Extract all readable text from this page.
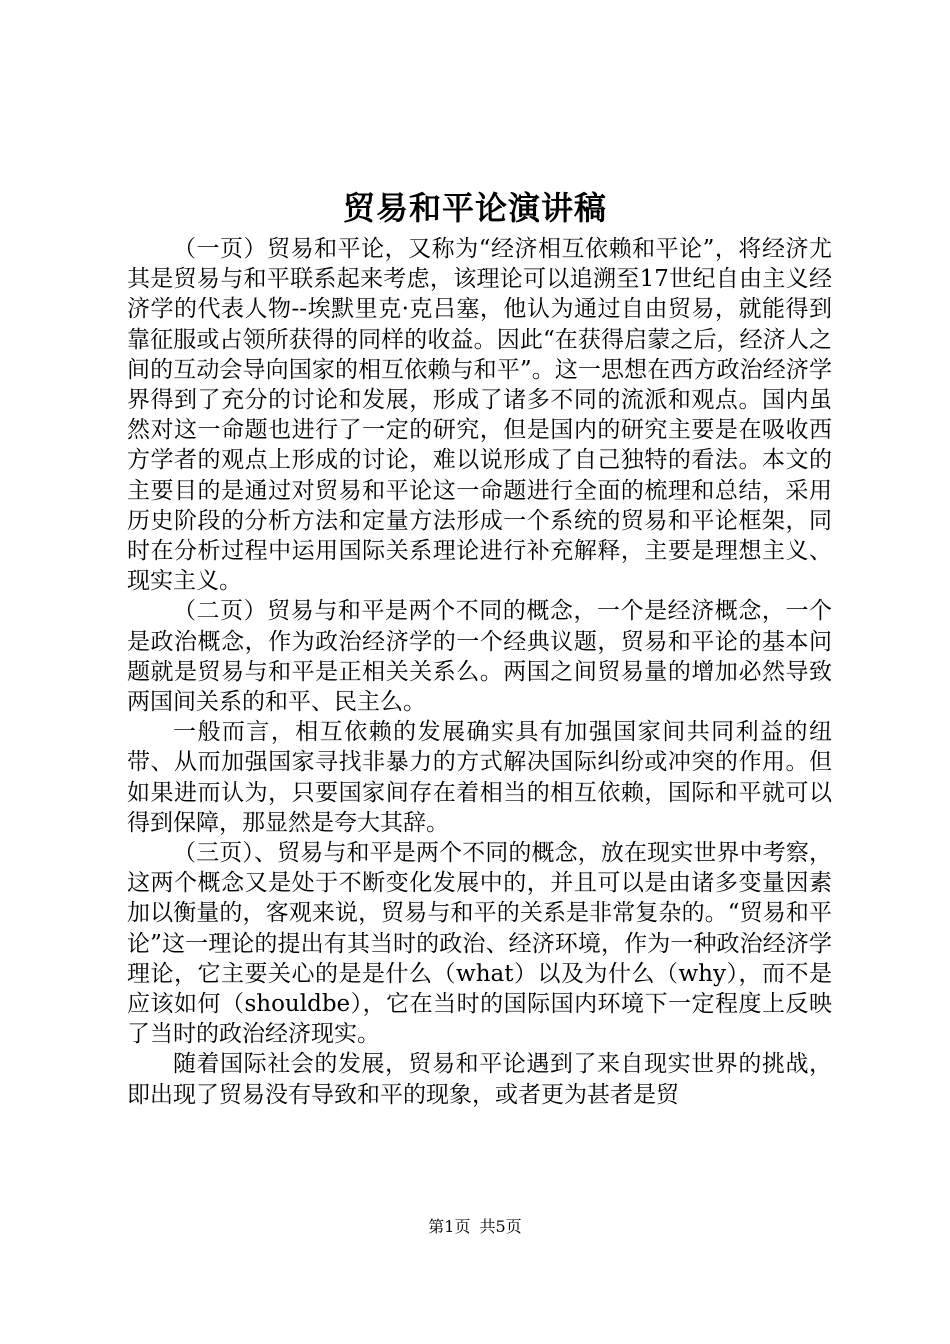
贸易和平论演讲稿

（一页）贸易和平论，又称为“经济相互依赖和平论”，将经济尤其是贸易与和平联系起来考虑，该理论可以追溯至17世纪自由主义经济学的代表人物--埃默里克·克吕塞，他认为通过自由贸易，就能得到靠征服或占领所获得的同样的收益。因此“在获得启蒙之后，经济人之间的互动会导向国家的相互依赖与和平”。这一思想在西方政治经济学界得到了充分的讨论和发展，形成了诸多不同的流派和观点。国内虽然对这一命题也进行了一定的研究，但是国内的研究主要是在吸收西方学者的观点上形成的讨论，难以说形成了自己独特的看法。本文的主要目的是通过对贸易和平论这一命题进行全面的梳理和总结，采用历史阶段的分析方法和定量方法形成一个系统的贸易和平论框架，同时在分析过程中运用国际关系理论进行补充解释，主要是理想主义、现实主义。

（二页）贸易与和平是两个不同的概念，一个是经济概念，一个是政治概念，作为政治经济学的一个经典议题，贸易和平论的基本问题就是贸易与和平是正相关关系么。两国之间贸易量的增加必然导致两国间关系的和平、民主么。

一般而言，相互依赖的发展确实具有加强国家间共同利益的纽带、从而加强国家寻找非暴力的方式解决国际纠纷或冲突的作用。但如果进而认为，只要国家间存在着相当的相互依赖，国际和平就可以得到保障，那显然是夸大其辞。

（三页）、贸易与和平是两个不同的概念，放在现实世界中考察，这两个概念又是处于不断变化发展中的，并且可以是由诸多变量因素加以衡量的，客观来说，贸易与和平的关系是非常复杂的。“贸易和平论”这一理论的提出有其当时的政治、经济环境，作为一种政治经济学理论，它主要关心的是是什么（what）以及为什么（why），而不是应该如何（shouldbe），它在当时的国际国内环境下一定程度上反映了当时的政治经济现实。

随着国际社会的发展，贸易和平论遇到了来自现实世界的挑战，即出现了贸易没有导致和平的现象，或者更为甚者是贸

第1页 共5页
